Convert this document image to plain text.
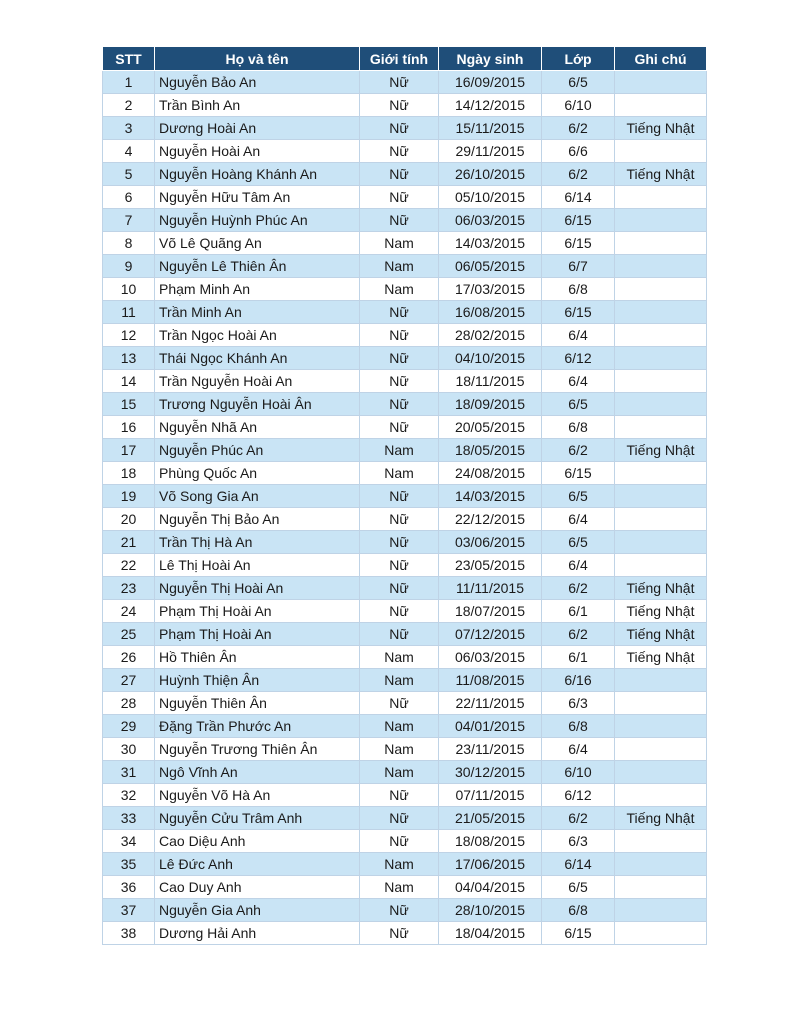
STT	Họ và tên	Giới tính	Ngày sinh	Lớp	Ghi chú
1	Nguyễn Bảo An	Nữ	16/09/2015	6/5	
2	Trần Bình An	Nữ	14/12/2015	6/10	
3	Dương Hoài An	Nữ	15/11/2015	6/2	Tiếng Nhật
4	Nguyễn Hoài An	Nữ	29/11/2015	6/6	
5	Nguyễn Hoàng Khánh An	Nữ	26/10/2015	6/2	Tiếng Nhật
6	Nguyễn Hữu Tâm An	Nữ	05/10/2015	6/14	
7	Nguyễn Huỳnh Phúc An	Nữ	06/03/2015	6/15	
8	Võ Lê Quãng An	Nam	14/03/2015	6/15	
9	Nguyễn Lê Thiên Ân	Nam	06/05/2015	6/7	
10	Phạm Minh An	Nam	17/03/2015	6/8	
11	Trần Minh An	Nữ	16/08/2015	6/15	
12	Trần Ngọc Hoài An	Nữ	28/02/2015	6/4	
13	Thái Ngọc Khánh An	Nữ	04/10/2015	6/12	
14	Trần Nguyễn Hoài An	Nữ	18/11/2015	6/4	
15	Trương Nguyễn Hoài Ân	Nữ	18/09/2015	6/5	
16	Nguyễn Nhã An	Nữ	20/05/2015	6/8	
17	Nguyễn Phúc An	Nam	18/05/2015	6/2	Tiếng Nhật
18	Phùng Quốc An	Nam	24/08/2015	6/15	
19	Võ Song Gia An	Nữ	14/03/2015	6/5	
20	Nguyễn Thị Bảo An	Nữ	22/12/2015	6/4	
21	Trần Thị Hà An	Nữ	03/06/2015	6/5	
22	Lê Thị Hoài An	Nữ	23/05/2015	6/4	
23	Nguyễn Thị Hoài An	Nữ	11/11/2015	6/2	Tiếng Nhật
24	Phạm Thị Hoài An	Nữ	18/07/2015	6/1	Tiếng Nhật
25	Phạm Thị Hoài An	Nữ	07/12/2015	6/2	Tiếng Nhật
26	Hồ Thiên Ân	Nam	06/03/2015	6/1	Tiếng Nhật
27	Huỳnh Thiện Ân	Nam	11/08/2015	6/16	
28	Nguyễn Thiên Ân	Nữ	22/11/2015	6/3	
29	Đặng Trần Phước An	Nam	04/01/2015	6/8	
30	Nguyễn Trương Thiên Ân	Nam	23/11/2015	6/4	
31	Ngô Vĩnh An	Nam	30/12/2015	6/10	
32	Nguyễn Võ Hà An	Nữ	07/11/2015	6/12	
33	Nguyễn Cửu Trâm Anh	Nữ	21/05/2015	6/2	Tiếng Nhật
34	Cao Diệu Anh	Nữ	18/08/2015	6/3	
35	Lê Đức Anh	Nam	17/06/2015	6/14	
36	Cao Duy Anh	Nam	04/04/2015	6/5	
37	Nguyễn Gia Anh	Nữ	28/10/2015	6/8	
38	Dương Hải Anh	Nữ	18/04/2015	6/15	
